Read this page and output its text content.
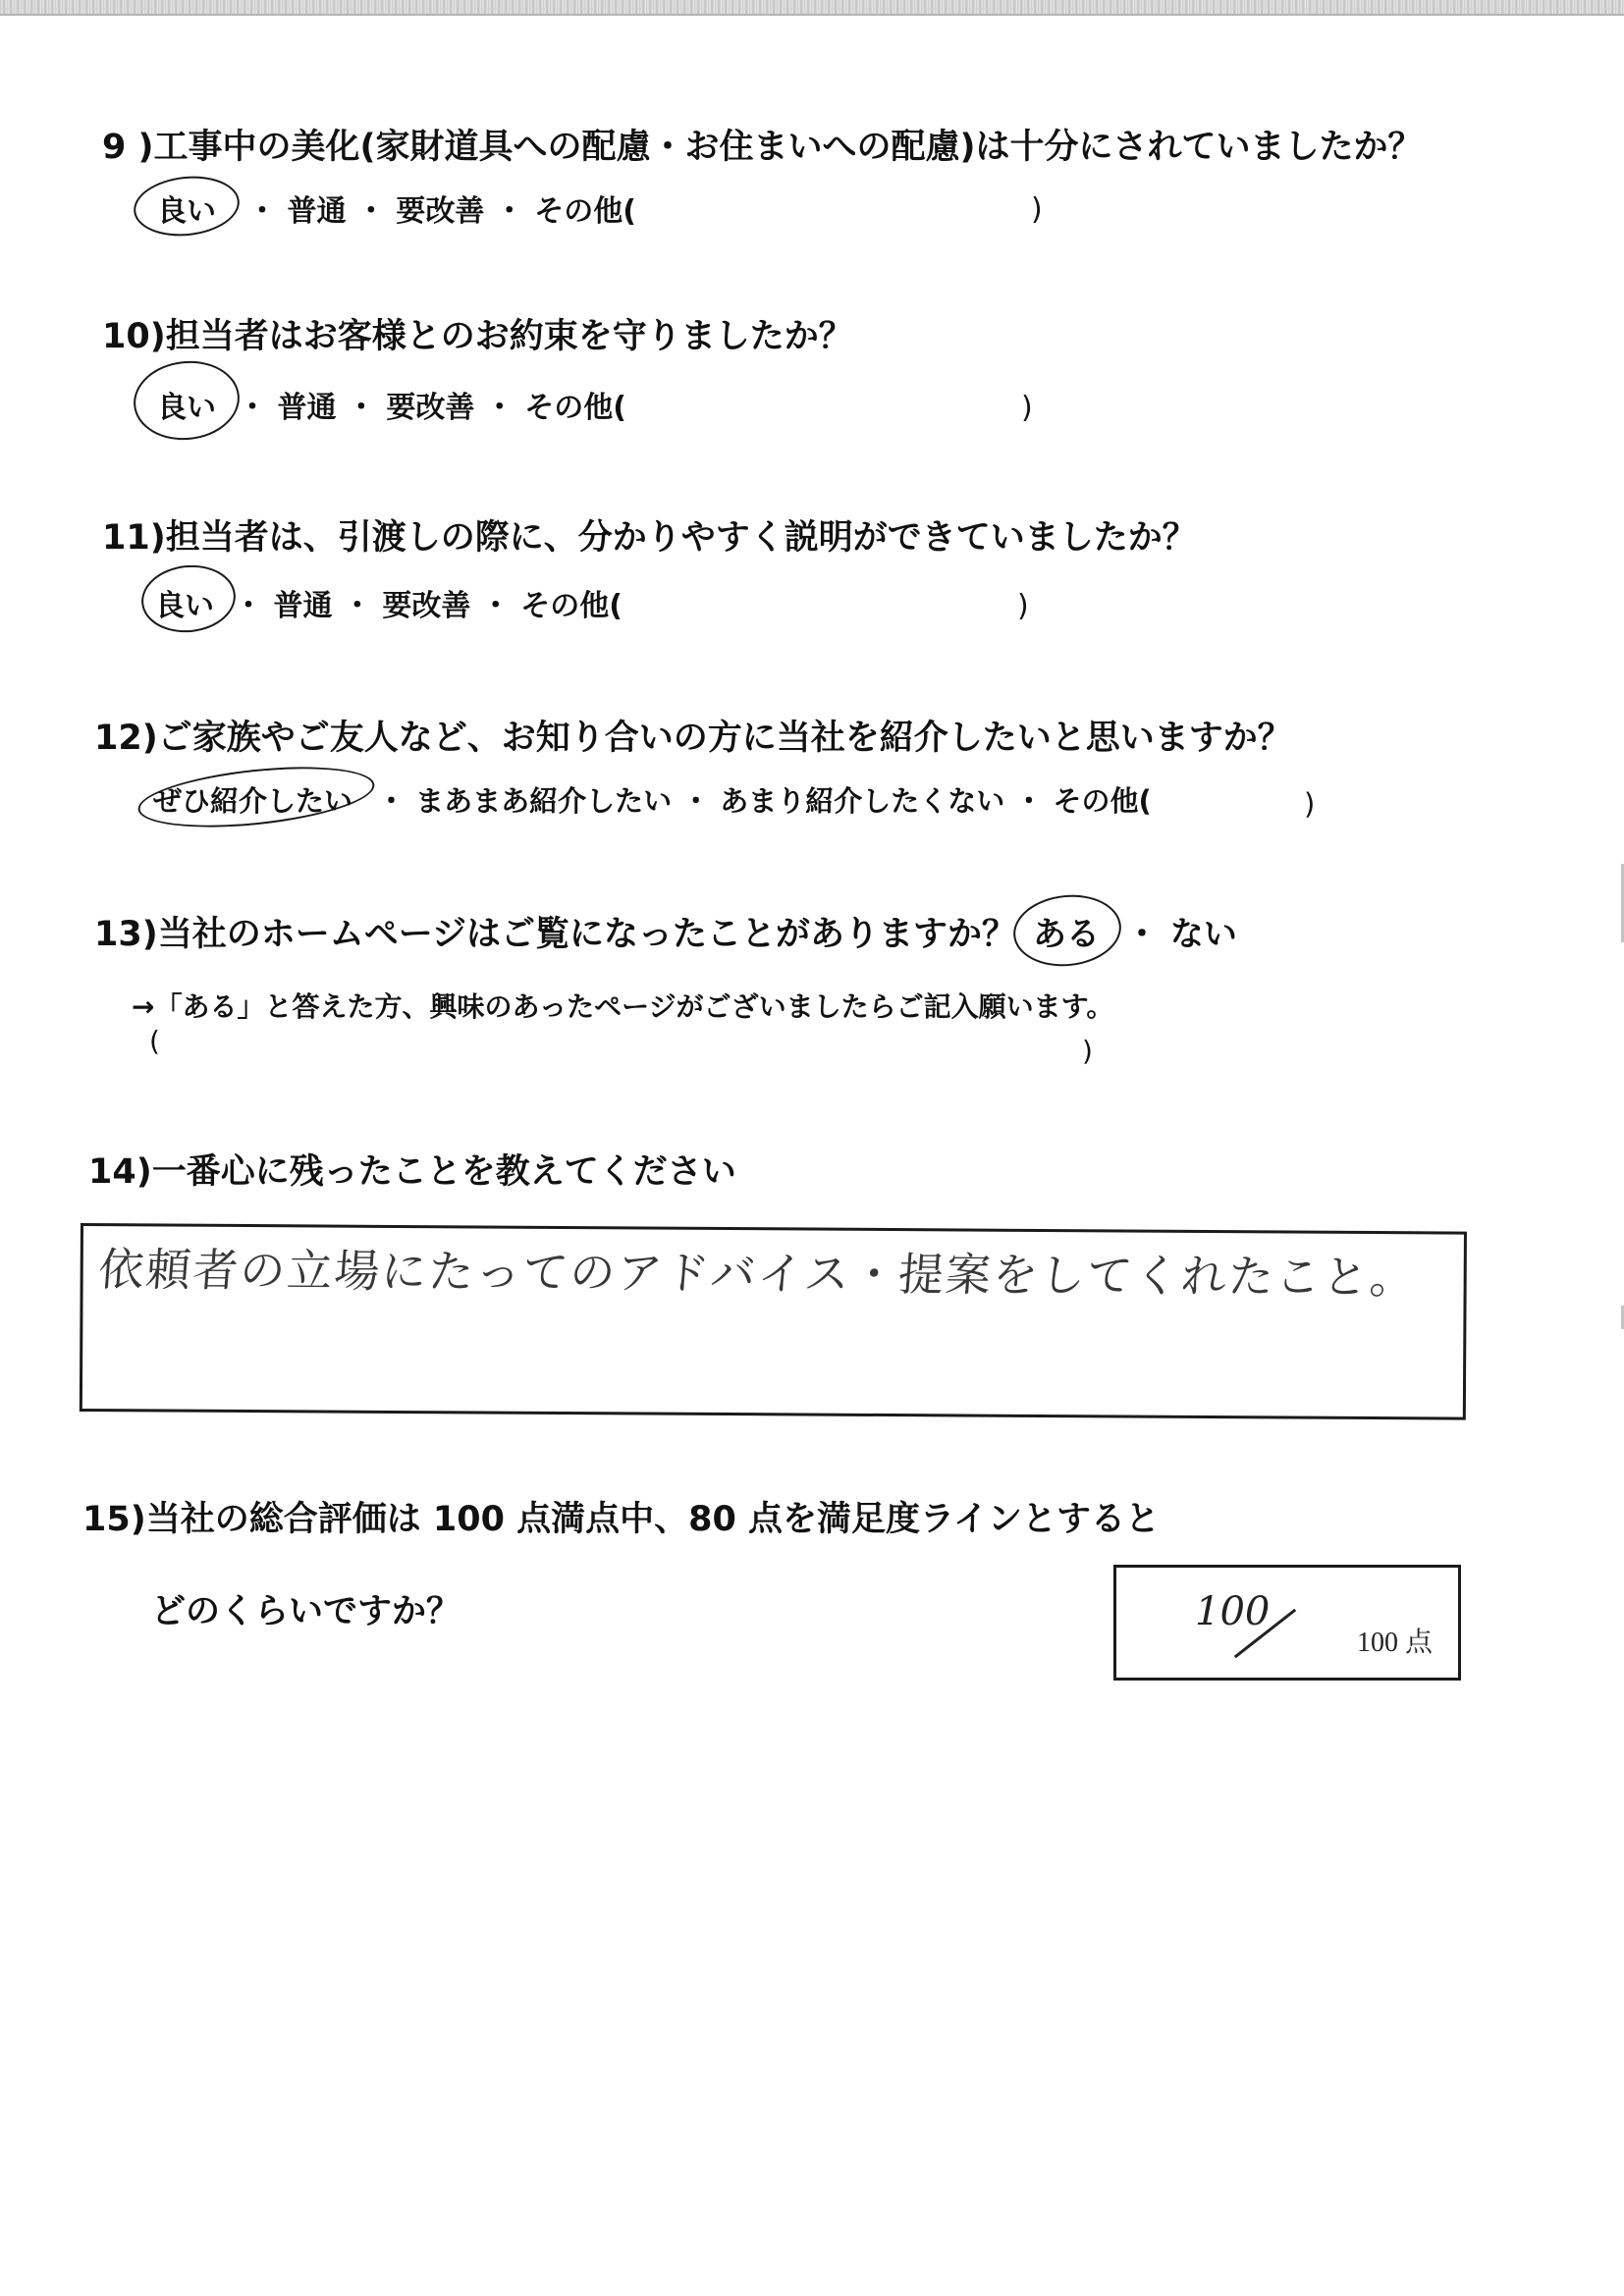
9 )工事中の美化(家財道具への配慮・お住まいへの配慮)は十分にされていましたか？
良い ・ 普通 ・ 要改善 ・ その他(	)
10)担当者はお客様とのお約束を守りましたか？
良い ・ 普通 ・ 要改善 ・ その他(	)
11)担当者は、引渡しの際に、分かりやすく説明ができていましたか？
良い ・ 普通 ・ 要改善 ・ その他(	)
12)ご家族やご友人など、お知り合いの方に当社を紹介したいと思いますか？
ぜひ紹介したい ・ まあまあ紹介したい ・ あまり紹介したくない ・ その他(	)
13)当社のホームページはご覧になったことがありますか？ ある ・ ない
→「ある」と答えた方、興味のあったページがございましたらご記入願います。
(	)
14)一番心に残ったことを教えてください
依頼者の立場にたってのアドバイス・提案をしてくれたこと。
15)当社の総合評価は 100 点満点中、80 点を満足度ラインとすると
どのくらいですか？	100
100 点
